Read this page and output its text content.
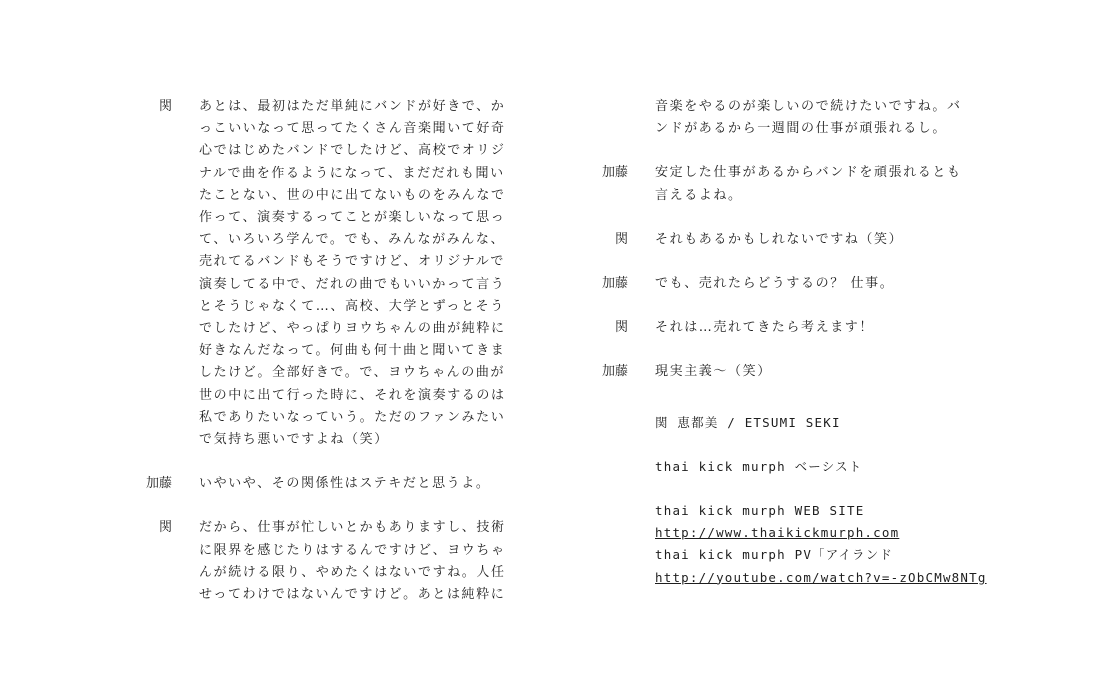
関 あとは、最初はただ単純にバンドが好きで、か
っこいいなって思ってたくさん音楽聞いて好奇
心ではじめたバンドでしたけど、高校でオリジ
ナルで曲を作るようになって、まだだれも聞い
たことない、世の中に出てないものをみんなで
作って、演奏するってことが楽しいなって思っ
て、いろいろ学んで。でも、みんながみんな、
売れてるバンドもそうですけど、オリジナルで
演奏してる中で、だれの曲でもいいかって言う
とそうじゃなくて…、高校、大学とずっとそう
でしたけど、やっぱりヨウちゃんの曲が純粋に
好きなんだなって。何曲も何十曲と聞いてきま
したけど。全部好きで。で、ヨウちゃんの曲が
世の中に出て行った時に、それを演奏するのは
私でありたいなっていう。ただのファンみたい
で気持ち悪いですよね（笑）
加藤 いやいや、その関係性はステキだと思うよ。
関 だから、仕事が忙しいとかもありますし、技術
に限界を感じたりはするんですけど、ヨウちゃ
んが続ける限り、やめたくはないですね。人任
せってわけではないんですけど。あとは純粋に
音楽をやるのが楽しいので続けたいですね。バ
ンドがあるから一週間の仕事が頑張れるし。
加藤 安定した仕事があるからバンドを頑張れるとも
言えるよね。
関 それもあるかもしれないですね（笑）
加藤 でも、売れたらどうするの？ 仕事。
関 それは…売れてきたら考えます！
加藤 現実主義～（笑）
関 恵都美 / ETSUMI SEKI
thai kick murph ベーシスト
thai kick murph WEB SITE
http://www.thaikickmurph.com
thai kick murph PV「アイランド
http://youtube.com/watch?v=-zObCMw8NTg
